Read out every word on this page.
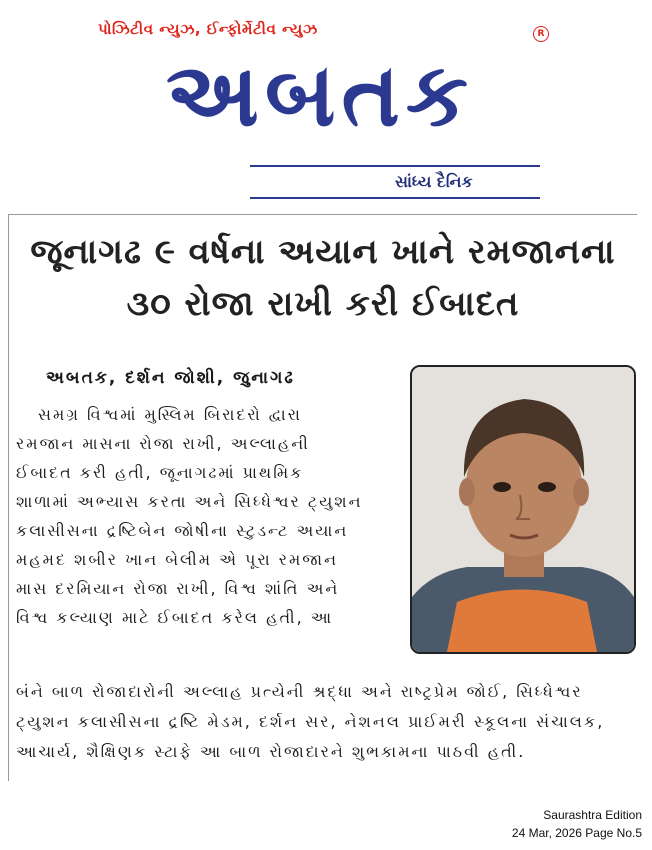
પોઝિટીવ ન્યુઝ, ઈન્ફોર્મેટીવ ન્યુઝ	R
અબતક
સાંધ્ય દૈનિક
જૂનાગઢ ૯ વર્ષના અયાન ખાને રમજાનના
૩૦ રોજા રાખી કરી ઈબાદત
અબતક, દર્શન જોશી, જુનાગઢ

સમગ્ર વિશ્વમાં મુસ્લિમ બિરાદરો દ્વારા

રમજાન માસના રોજા રાખી, અલ્લાહની

ઈબાદત કરી હતી, જૂનાગઢમાં પ્રાથમિક

શાળામાં અભ્યાસ કરતા અને સિધ્ધેશ્વર ટ્યુશન

કલાસીસના દ્રષ્ટિબેન જોષીના સ્ટુડન્ટ અયાન

મહમદ શબીર ખાન બેલીમ એ પૂરા રમજાન

માસ દરમિયાન રોજા રાખી, વિશ્વ શાંતિ અને

વિશ્વ કલ્યાણ માટે ઈબાદત કરેલ હતી, આ

બંને બાળ રોજાદારોની અલ્લાહ પ્રત્યેની શ્રદ્ધા અને રાષ્ટ્રપ્રેમ જોઈ, સિધ્ધેશ્વર

ટ્યુશન કલાસીસના દ્રષ્ટિ મેડમ, દર્શન સર, નેશનલ પ્રાઈમરી સ્કૂલના સંચાલક,

આચાર્ય, શૈક્ષિણક સ્ટાફે આ બાળ રોજાદારને શુભકામના પાઠવી હતી.

Saurashtra Edition
24 Mar, 2026 Page No.5
